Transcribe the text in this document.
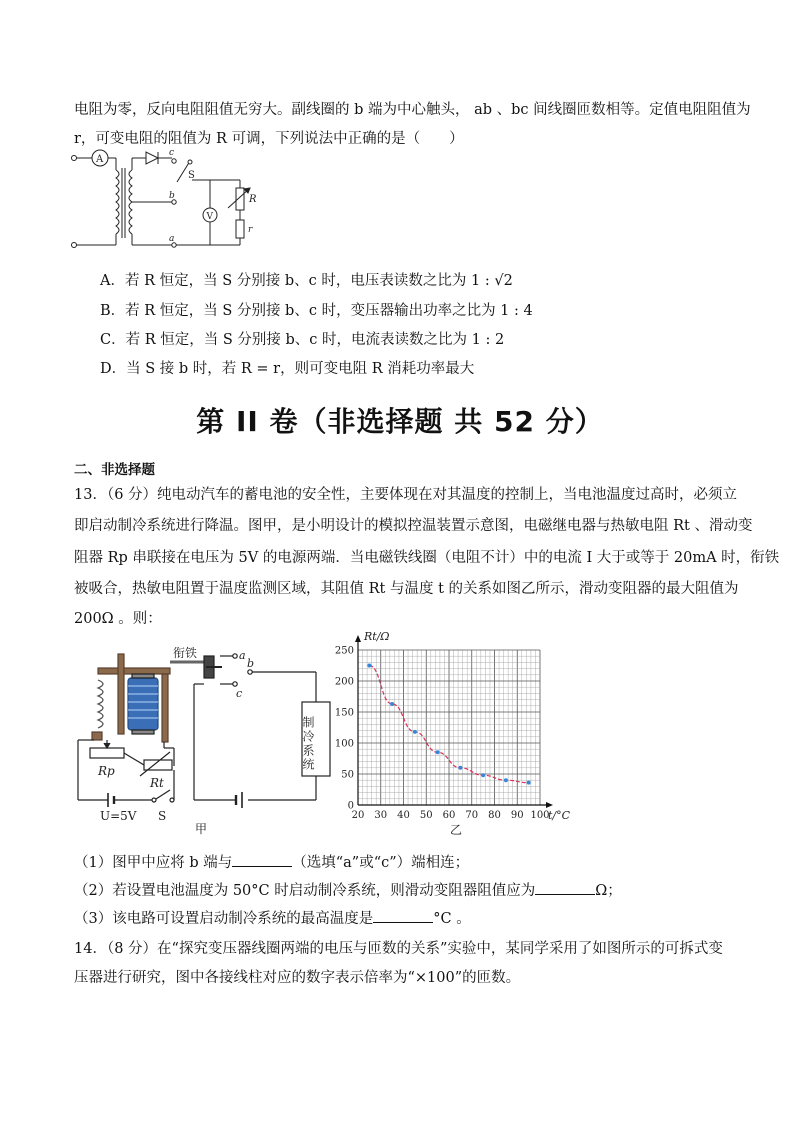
电阻为零，反向电阻阻值无穷大。副线圈的 b 端为中心触头， ab 、bc 间线圈匝数相等。定值电阻阻值为
r，可变电阻的阻值为 R 可调，下列说法中正确的是（　　）
A
c
b
a
S
V
R
r
A．若 R 恒定，当 S 分别接 b、c 时，电压表读数之比为 1 : √2
B．若 R 恒定，当 S 分别接 b、c 时，变压器输出功率之比为 1 : 4
C．若 R 恒定，当 S 分别接 b、c 时，电流表读数之比为 1 : 2
D．当 S 接 b 时，若 R = r，则可变电阻 R 消耗功率最大
第 II 卷（非选择题 共 52 分）
二、非选择题
13．（6 分）纯电动汽车的蓄电池的安全性，主要体现在对其温度的控制上，当电池温度过高时，必须立
即启动制冷系统进行降温。图甲，是小明设计的模拟控温装置示意图，电磁继电器与热敏电阻 Rt 、滑动变
阻器 Rp 串联接在电压为 5V 的电源两端．当电磁铁线圈（电阻不计）中的电流 I 大于或等于 20mA 时，衔铁
被吸合，热敏电阻置于温度监测区域，其阻值 Rt 与温度 t 的关系如图乙所示，滑动变阻器的最大阻值为
200Ω 。则：
衔铁	a
c
b
制冷系统
Rp
Rt
U=5V S
甲
20 30 40 50 60 70 80 90 100
0
50
100
150
200
250
Rt/Ω
t/°C
乙
（1）图甲中应将 b 端与	（选填“a”或“c”）端相连；
（2）若设置电池温度为 50°C 时启动制冷系统，则滑动变阻器阻值应为	Ω；
（3）该电路可设置启动制冷系统的最高温度是	°C 。
14．（8 分）在“探究变压器线圈两端的电压与匝数的关系”实验中，某同学采用了如图所示的可拆式变
压器进行研究，图中各接线柱对应的数字表示倍率为“×100”的匝数。
